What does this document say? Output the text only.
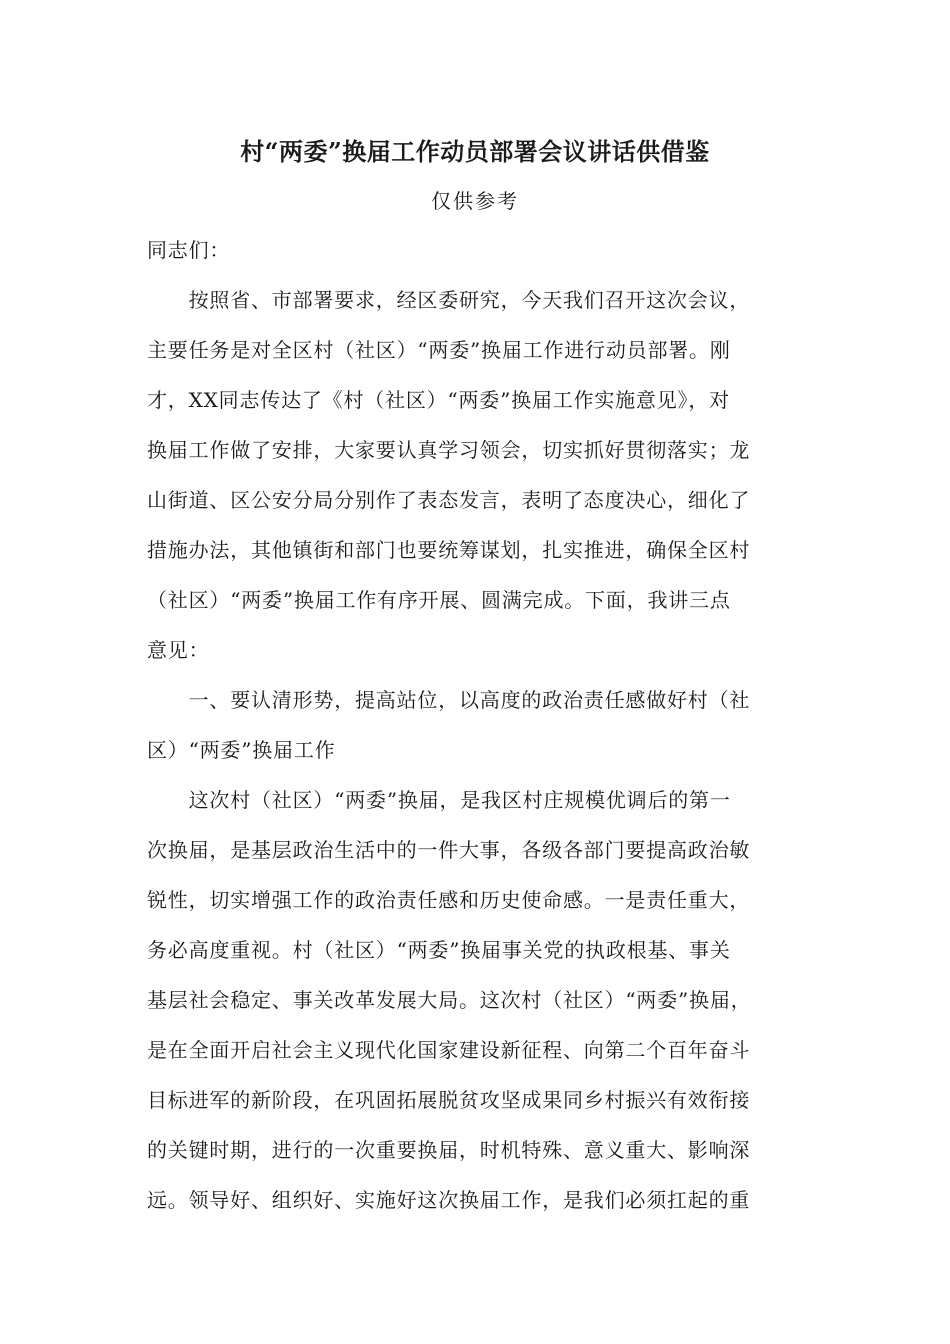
村“两委”换届工作动员部署会议讲话供借鉴
仅供参考
同志们：
　　按照省、市部署要求，经区委研究，今天我们召开这次会议，
主要任务是对全区村（社区）“两委”换届工作进行动员部署。刚
才，XX同志传达了《村（社区）“两委”换届工作实施意见》，对
换届工作做了安排，大家要认真学习领会，切实抓好贯彻落实；龙
山街道、区公安分局分别作了表态发言，表明了态度决心，细化了
措施办法，其他镇街和部门也要统筹谋划，扎实推进，确保全区村
（社区）“两委”换届工作有序开展、圆满完成。下面，我讲三点
意见：
　　一、要认清形势，提高站位，以高度的政治责任感做好村（社
区）“两委”换届工作
　　这次村（社区）“两委”换届，是我区村庄规模优调后的第一
次换届，是基层政治生活中的一件大事，各级各部门要提高政治敏
锐性，切实增强工作的政治责任感和历史使命感。一是责任重大，
务必高度重视。村（社区）“两委”换届事关党的执政根基、事关
基层社会稳定、事关改革发展大局。这次村（社区）“两委”换届，
是在全面开启社会主义现代化国家建设新征程、向第二个百年奋斗
目标进军的新阶段，在巩固拓展脱贫攻坚成果同乡村振兴有效衔接
的关键时期，进行的一次重要换届，时机特殊、意义重大、影响深
远。领导好、组织好、实施好这次换届工作，是我们必须扛起的重
